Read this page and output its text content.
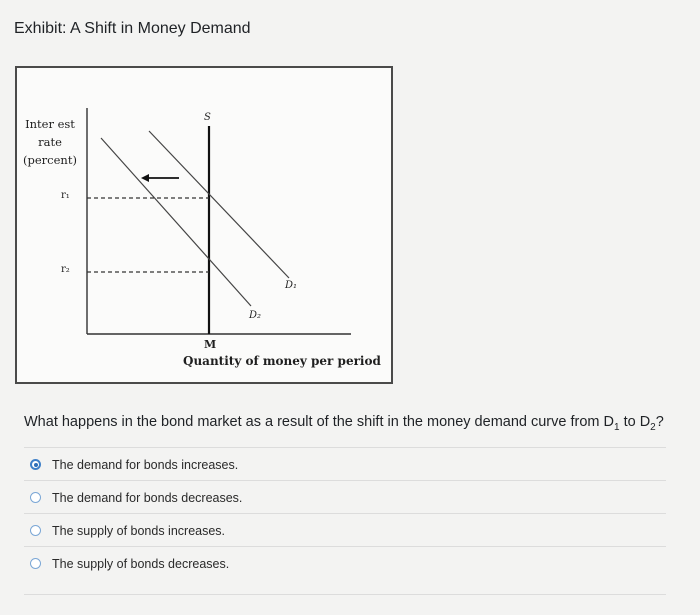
Exhibit: A Shift in Money Demand
Inter est
rate
(percent)
r₁
r₂
S
D₁
D₂
M
Quantity of money per period
What happens in the bond market as a result of the shift in the money demand curve from $D_1$ to $D_2$?
The demand for bonds increases.
The demand for bonds decreases.
The supply of bonds increases.
The supply of bonds decreases.
